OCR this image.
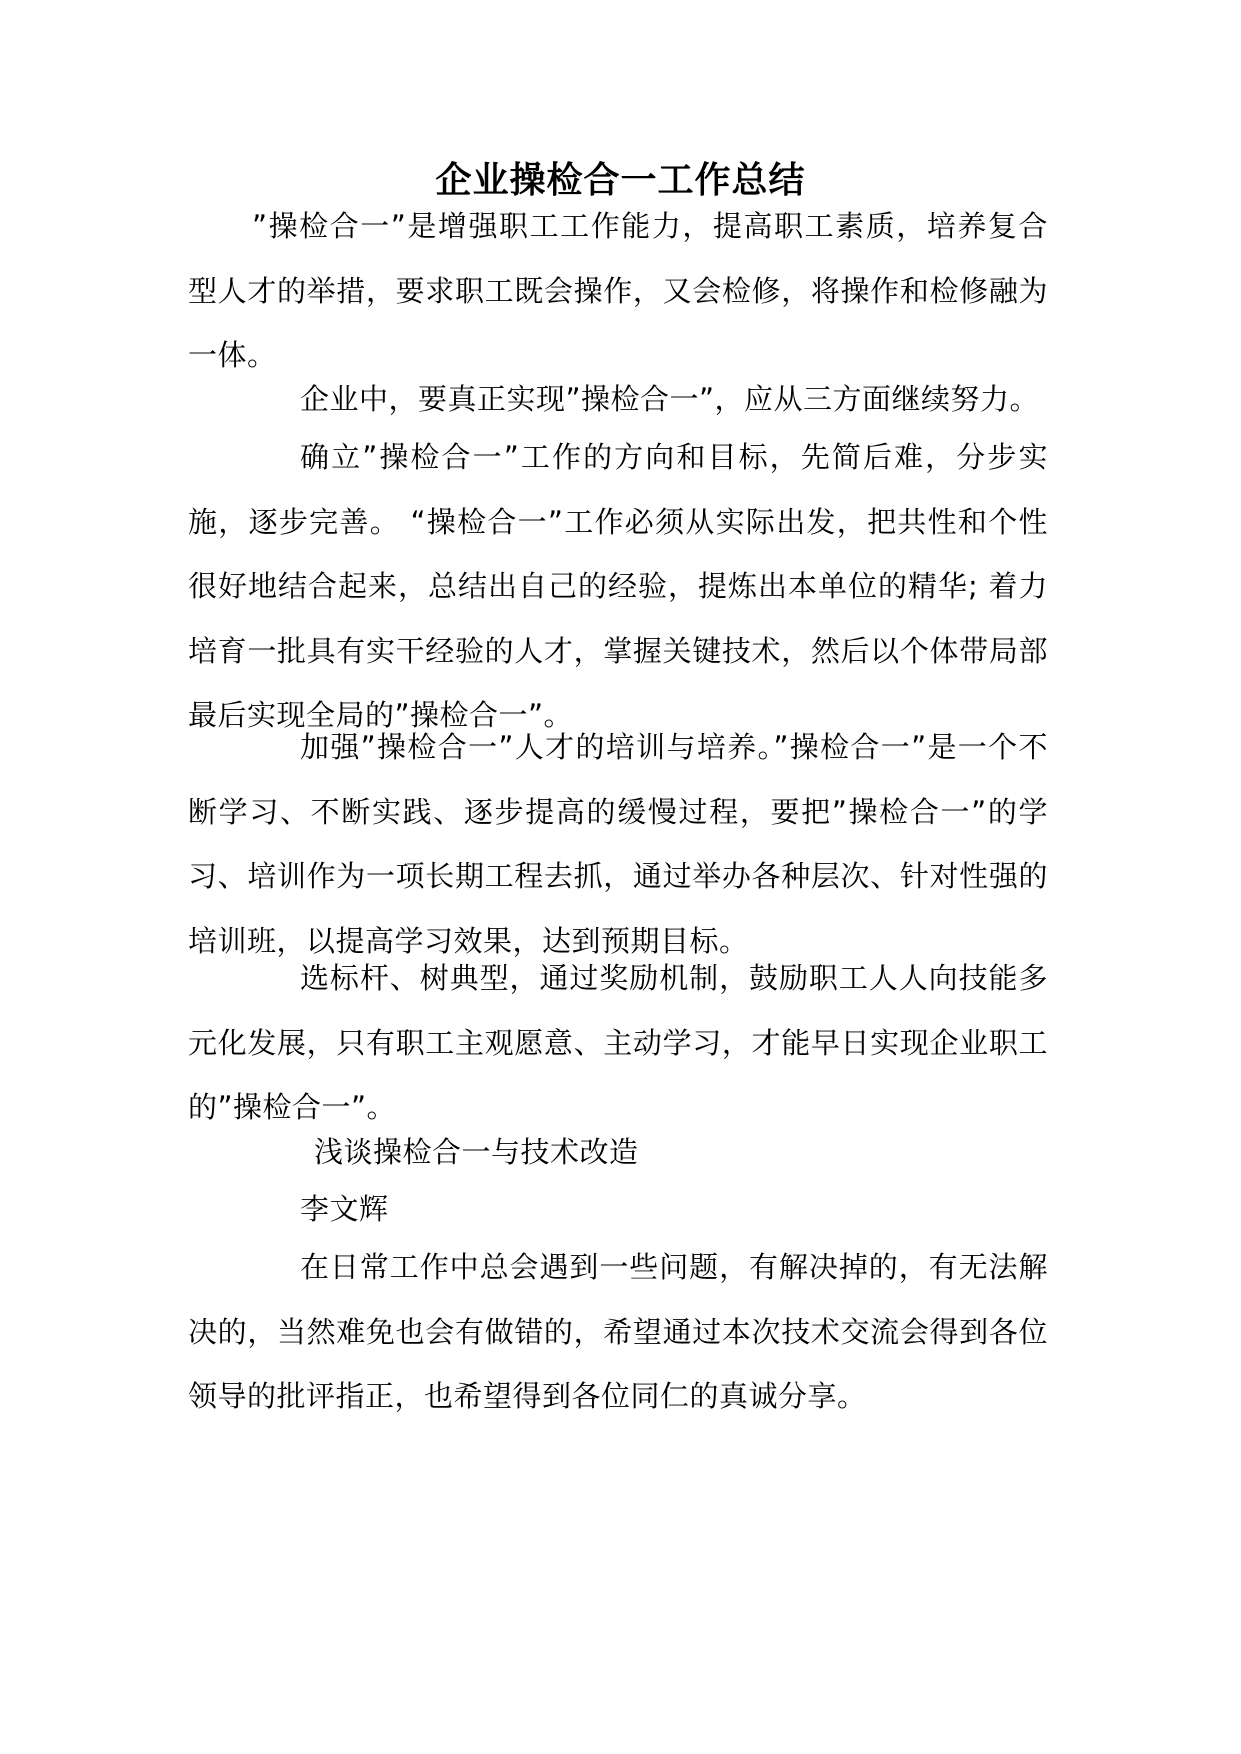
企业操检合一工作总结
”操检合一”是增强职工工作能力，提高职工素质，培养复合型人才的举措，要求职工既会操作，又会检修，将操作和检修融为一体。
企业中，要真正实现”操检合一”，应从三方面继续努力。
确立”操检合一”工作的方向和目标，先简后难，分步实施，逐步完善。 “操检合一”工作必须从实际出发，把共性和个性很好地结合起来，总结出自己的经验，提炼出本单位的精华; 着力培育一批具有实干经验的人才，掌握关键技术，然后以个体带局部最后实现全局的”操检合一”。
加强”操检合一”人才的培训与培养。”操检合一”是一个不断学习、不断实践、逐步提高的缓慢过程，要把”操检合一”的学习、培训作为一项长期工程去抓，通过举办各种层次、针对性强的培训班，以提高学习效果，达到预期目标。
选标杆、树典型，通过奖励机制，鼓励职工人人向技能多元化发展，只有职工主观愿意、主动学习，才能早日实现企业职工的”操检合一”。
浅谈操检合一与技术改造
李文辉
在日常工作中总会遇到一些问题，有解决掉的，有无法解决的，当然难免也会有做错的，希望通过本次技术交流会得到各位领导的批评指正，也希望得到各位同仁的真诚分享。
